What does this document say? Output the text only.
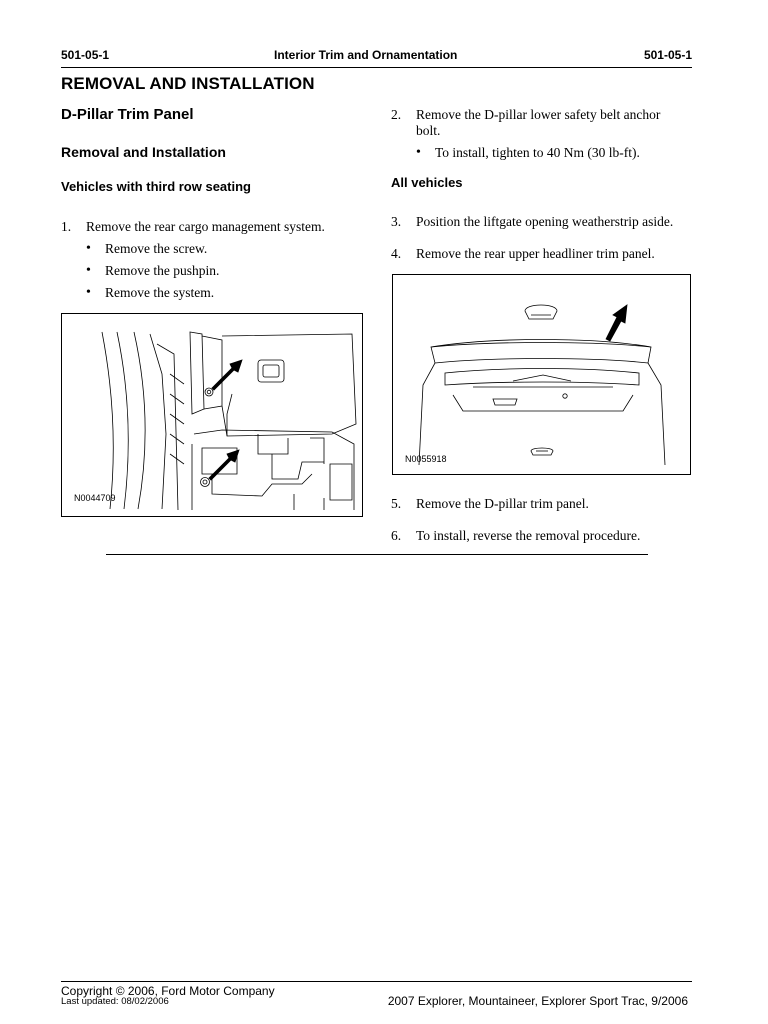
501-05-1	Interior Trim and Ornamentation	501-05-1
REMOVAL AND INSTALLATION
D-Pillar Trim Panel
Removal and Installation
Vehicles with third row seating
1. Remove the rear cargo management system.
• Remove the screw.
• Remove the pushpin.
• Remove the system.
N0044709
2. Remove the D-pillar lower safety belt anchor
bolt.
• To install, tighten to 40 Nm (30 lb-ft).
All vehicles
3. Position the liftgate opening weatherstrip aside.
4. Remove the rear upper headliner trim panel.
N0055918
5. Remove the D-pillar trim panel.
6. To install, reverse the removal procedure.
Copyright © 2006, Ford Motor Company
Last updated: 08/02/2006	2007 Explorer, Mountaineer, Explorer Sport Trac, 9/2006
